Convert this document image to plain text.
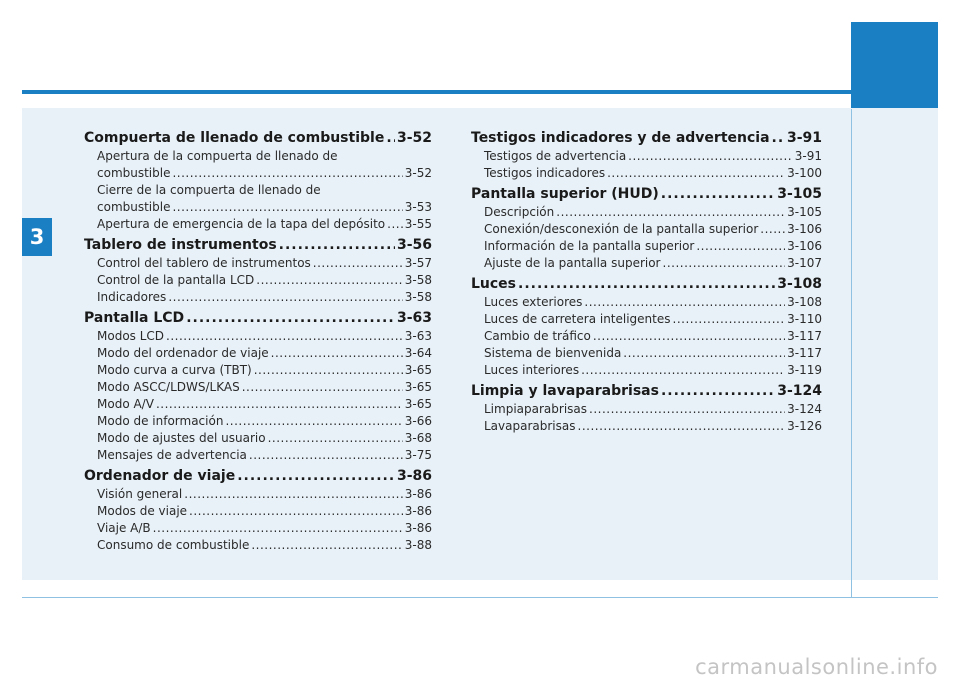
3
Compuerta de llenado de combustible ..... 3-52
Apertura de la compuerta de llenado de
combustible .....	3-52
Cierre de la compuerta de llenado de
combustible .....	3-53
Apertura de emergencia de la tapa del depósito ..... 3-55
Tablero de instrumentos .....	3-56
Control del tablero de instrumentos .....	3-57
Control de la pantalla LCD .....	3-58
Indicadores .....	3-58
Pantalla LCD .....	3-63
Modos LCD .....	3-63
Modo del ordenador de viaje .....	3-64
Modo curva a curva (TBT) .....	3-65
Modo ASCC/LDWS/LKAS .....	3-65
Modo A/V .....	3-65
Modo de información .....	3-66
Modo de ajustes del usuario .....	3-68
Mensajes de advertencia .....	3-75
Ordenador de viaje .....	3-86
Visión general .....	3-86
Modos de viaje .....	3-86
Viaje A/B .....	3-86
Consumo de combustible .....	3-88
Testigos indicadores y de advertencia ..... 3-91
Testigos de advertencia .....	3-91
Testigos indicadores .....	3-100
Pantalla superior (HUD) .....	3-105
Descripción .....	3-105
Conexión/desconexión de la pantalla superior ..... 3-106
Información de la pantalla superior .....	3-106
Ajuste de la pantalla superior .....	3-107
Luces .....	3-108
Luces exteriores .....	3-108
Luces de carretera inteligentes .....	3-110
Cambio de tráfico .....	3-117
Sistema de bienvenida .....	3-117
Luces interiores .....	3-119
Limpia y lavaparabrisas .....	3-124
Limpiaparabrisas .....	3-124
Lavaparabrisas .....	3-126
carmanualsonline.info
